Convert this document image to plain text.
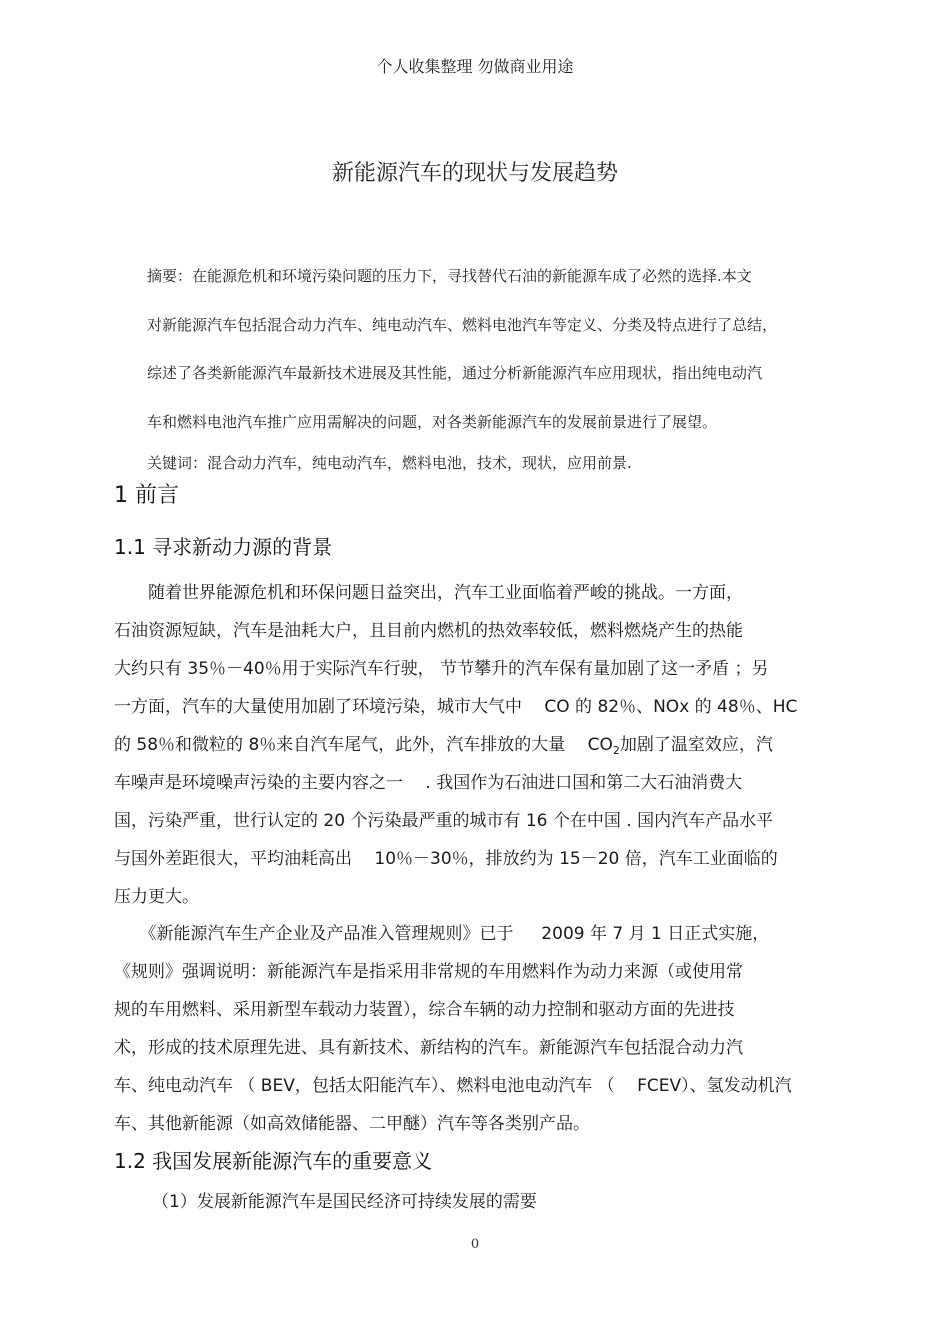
个人收集整理 勿做商业用途
新能源汽车的现状与发展趋势
摘要：在能源危机和环境污染问题的压力下，寻找替代石油的新能源车成了必然的选择.本文
对新能源汽车包括混合动力汽车、纯电动汽车、燃料电池汽车等定义、分类及特点进行了总结，
综述了各类新能源汽车最新技术进展及其性能，通过分析新能源汽车应用现状，指出纯电动汽
车和燃料电池汽车推广应用需解决的问题，对各类新能源汽车的发展前景进行了展望。
关键词：混合动力汽车，纯电动汽车，燃料电池，技术，现状，应用前景.
1 前言
1.1 寻求新动力源的背景
　　随着世界能源危机和环保问题日益突出，汽车工业面临着严峻的挑战。一方面，
石油资源短缺，汽车是油耗大户，且目前内燃机的热效率较低，燃料燃烧产生的热能
大约只有 35％－40％用于实际汽车行驶， 节节攀升的汽车保有量加剧了这一矛盾 ；另
一方面，汽车的大量使用加剧了环境污染，城市大气中 　CO 的 82％、NOx 的 48％、HC
的 58％和微粒的 8％来自汽车尾气，此外，汽车排放的大量 　$CO_2$加剧了温室效应，汽
车噪声是环境噪声污染的主要内容之一　 . 我国作为石油进口国和第二大石油消费大
国，污染严重，世行认定的 20 个污染最严重的城市有 16 个在中国 . 国内汽车产品水平
与国外差距很大，平均油耗高出 　10％－30％，排放约为 15－20 倍，汽车工业面临的
压力更大。
　　《新能源汽车生产企业及产品准入管理规则》已于 　 2009 年 7 月 1 日正式实施，
《规则》强调说明：新能源汽车是指采用非常规的车用燃料作为动力来源（或使用常
规的车用燃料、采用新型车载动力装置），综合车辆的动力控制和驱动方面的先进技
术，形成的技术原理先进、具有新技术、新结构的汽车。新能源汽车包括混合动力汽
车、纯电动汽车 （ BEV，包括太阳能汽车）、燃料电池电动汽车 （ 　FCEV）、氢发动机汽
车、其他新能源（如高效储能器、二甲醚）汽车等各类别产品。
1.2 我国发展新能源汽车的重要意义
（1）发展新能源汽车是国民经济可持续发展的需要
0
